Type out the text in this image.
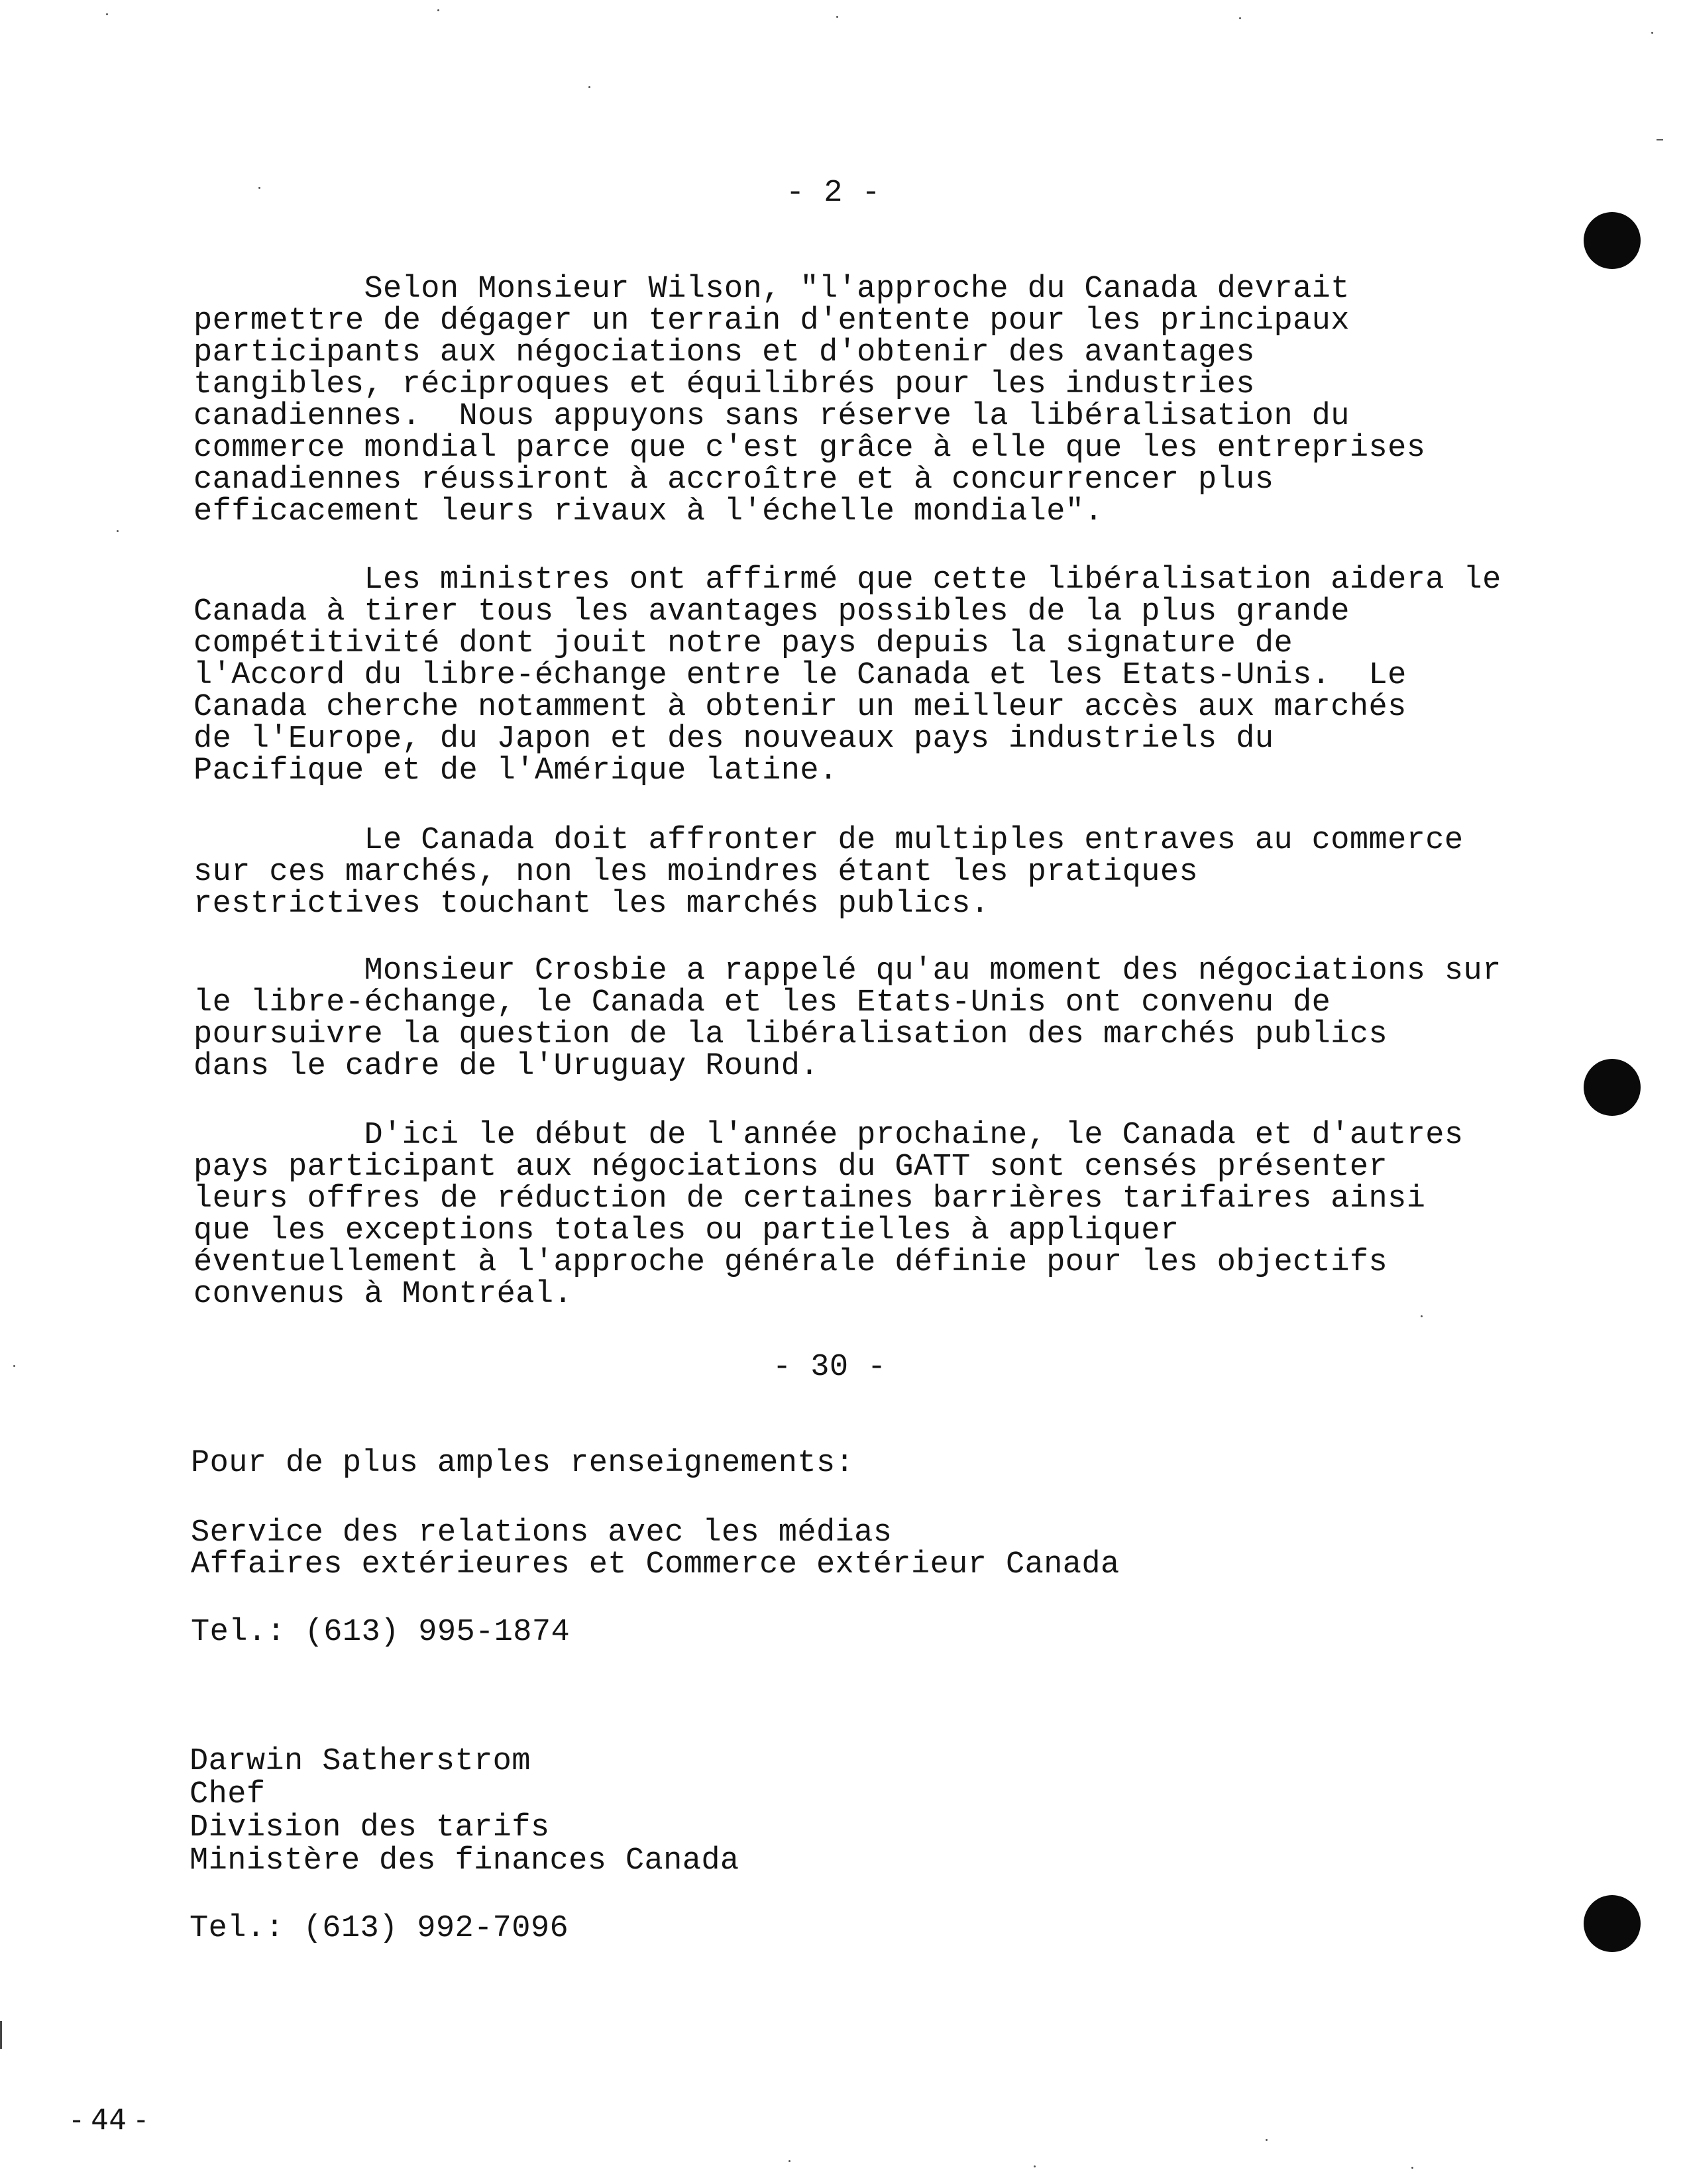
- 2 -
Selon Monsieur Wilson, "l'approche du Canada devrait
permettre de dégager un terrain d'entente pour les principaux
participants aux négociations et d'obtenir des avantages
tangibles, réciproques et équilibrés pour les industries
canadiennes.  Nous appuyons sans réserve la libéralisation du
commerce mondial parce que c'est grâce à elle que les entreprises
canadiennes réussiront à accroître et à concurrencer plus
efficacement leurs rivaux à l'échelle mondiale".
Les ministres ont affirmé que cette libéralisation aidera le
Canada à tirer tous les avantages possibles de la plus grande
compétitivité dont jouit notre pays depuis la signature de
l'Accord du libre-échange entre le Canada et les Etats-Unis.  Le
Canada cherche notamment à obtenir un meilleur accès aux marchés
de l'Europe, du Japon et des nouveaux pays industriels du
Pacifique et de l'Amérique latine.
Le Canada doit affronter de multiples entraves au commerce
sur ces marchés, non les moindres étant les pratiques
restrictives touchant les marchés publics.
Monsieur Crosbie a rappelé qu'au moment des négociations sur
le libre-échange, le Canada et les Etats-Unis ont convenu de
poursuivre la question de la libéralisation des marchés publics
dans le cadre de l'Uruguay Round.
D'ici le début de l'année prochaine, le Canada et d'autres
pays participant aux négociations du GATT sont censés présenter
leurs offres de réduction de certaines barrières tarifaires ainsi
que les exceptions totales ou partielles à appliquer
éventuellement à l'approche générale définie pour les objectifs
convenus à Montréal.
- 30 -
Pour de plus amples renseignements:
Service des relations avec les médias
Affaires extérieures et Commerce extérieur Canada
Tel.: (613) 995-1874
Darwin Satherstrom
Chef
Division des tarifs
Ministère des finances Canada
Tel.: (613) 992-7096
- 44 -
